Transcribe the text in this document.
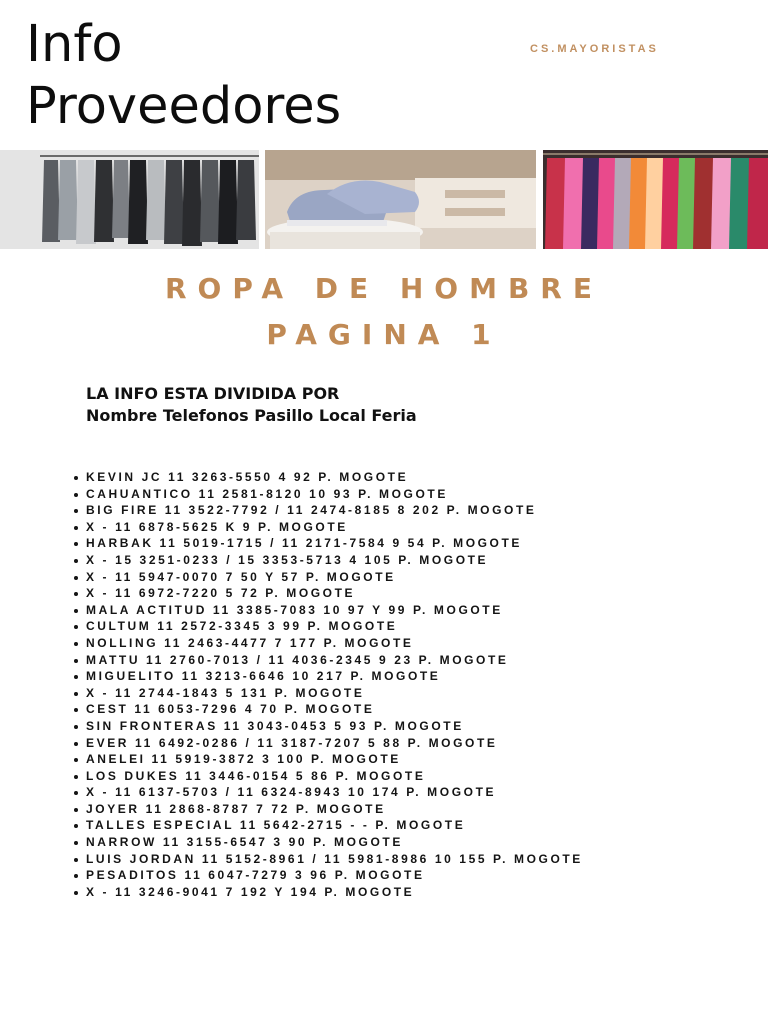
Info
Proveedores
CS.MAYORISTAS
ROPA DE HOMBRE
PAGINA 1
LA INFO ESTA DIVIDIDA POR
Nombre Telefonos Pasillo Local Feria
KEVIN JC 11 3263-5550 4 92 P. MOGOTE
CAHUANTICO 11 2581-8120 10 93 P. MOGOTE
BIG FIRE 11 3522-7792 / 11 2474-8185 8 202 P. MOGOTE
X - 11 6878-5625 K 9 P. MOGOTE
HARBAK 11 5019-1715 / 11 2171-7584 9 54 P. MOGOTE
X - 15 3251-0233 / 15 3353-5713 4 105 P. MOGOTE
X - 11 5947-0070 7 50 Y 57 P. MOGOTE
X - 11 6972-7220 5 72 P. MOGOTE
MALA ACTITUD 11 3385-7083 10 97 Y 99 P. MOGOTE
CULTUM 11 2572-3345 3 99 P. MOGOTE
NOLLING 11 2463-4477 7 177 P. MOGOTE
MATTU 11 2760-7013 / 11 4036-2345 9 23 P. MOGOTE
MIGUELITO 11 3213-6646 10 217 P. MOGOTE
X - 11 2744-1843 5 131 P. MOGOTE
CEST 11 6053-7296 4 70 P. MOGOTE
SIN FRONTERAS 11 3043-0453 5 93 P. MOGOTE
EVER 11 6492-0286 / 11 3187-7207 5 88 P. MOGOTE
ANELEI 11 5919-3872 3 100 P. MOGOTE
LOS DUKES 11 3446-0154 5 86 P. MOGOTE
X - 11 6137-5703 / 11 6324-8943 10 174 P. MOGOTE
JOYER 11 2868-8787 7 72 P. MOGOTE
TALLES ESPECIAL 11 5642-2715 - - P. MOGOTE
NARROW 11 3155-6547 3 90 P. MOGOTE
LUIS JORDAN 11 5152-8961 / 11 5981-8986 10 155 P. MOGOTE
PESADITOS 11 6047-7279 3 96 P. MOGOTE
X - 11 3246-9041 7 192 Y 194 P. MOGOTE
